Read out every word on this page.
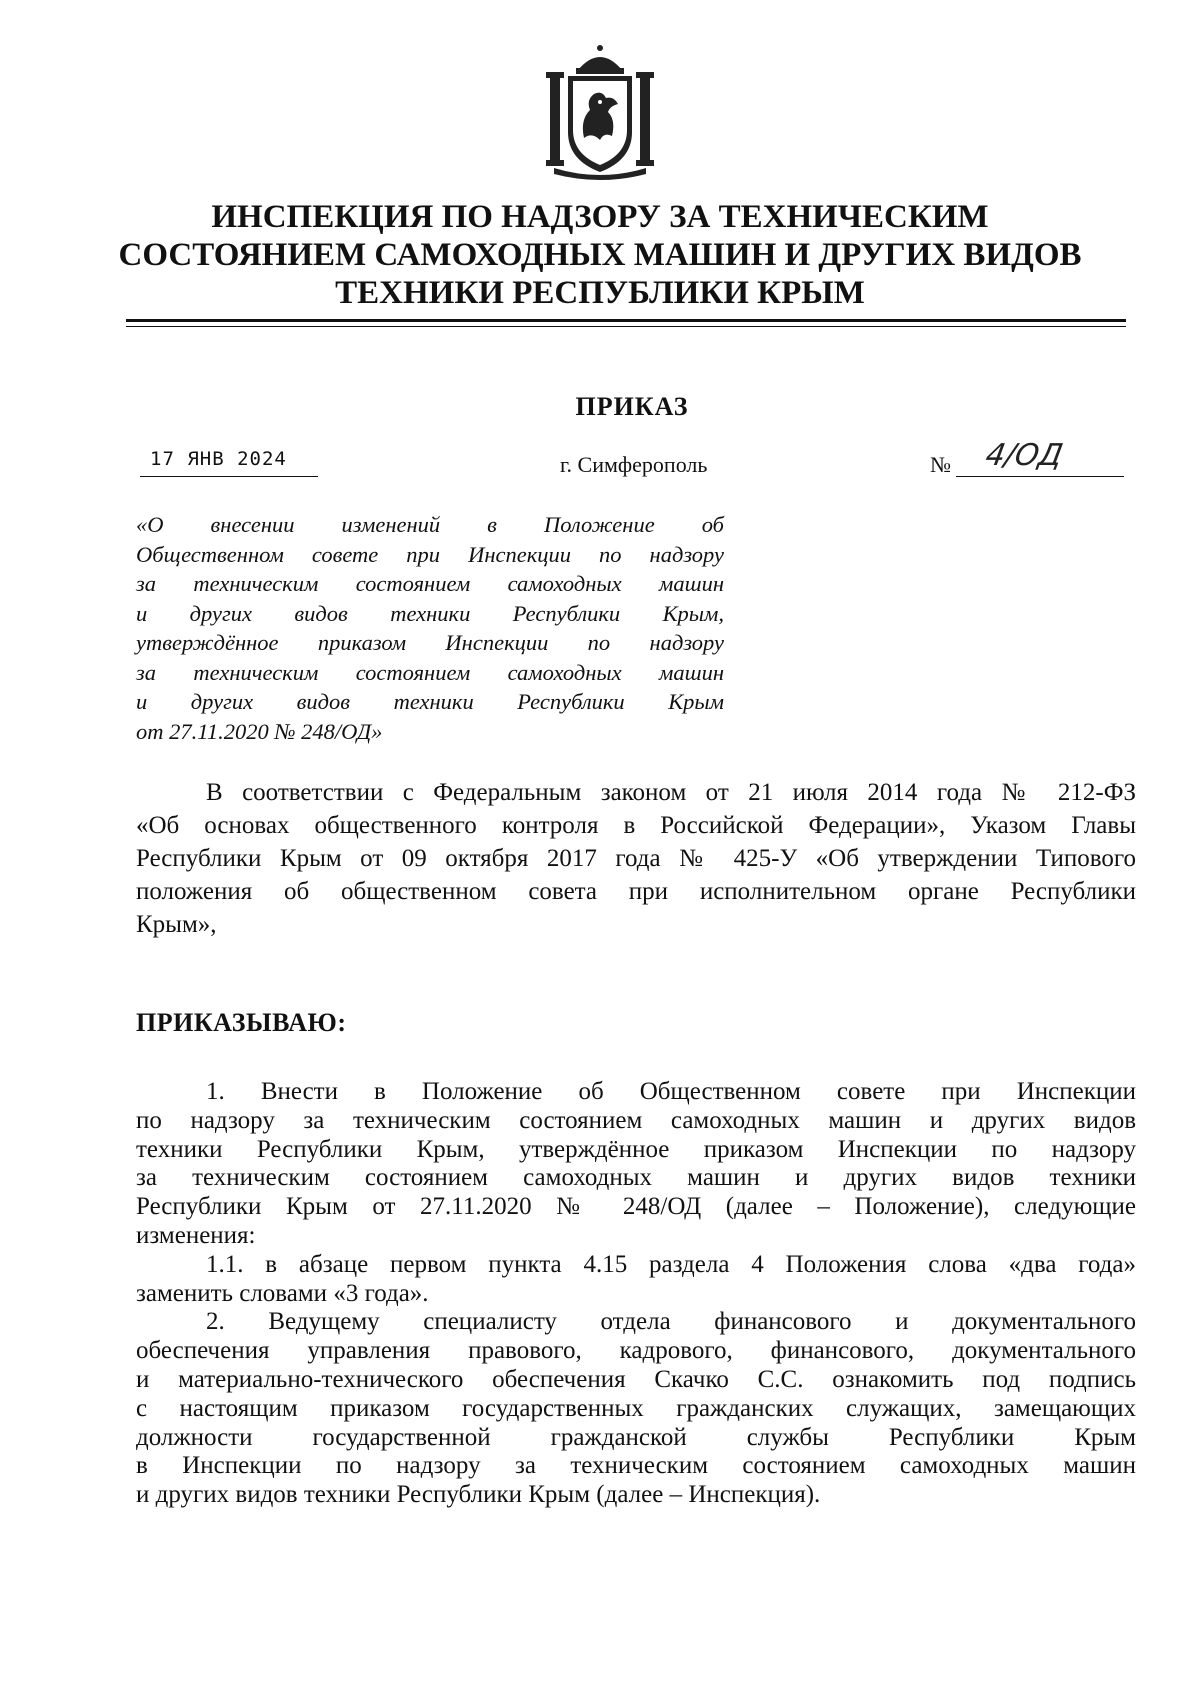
ИНСПЕКЦИЯ ПО НАДЗОРУ ЗА ТЕХНИЧЕСКИМ
СОСТОЯНИЕМ САМОХОДНЫХ МАШИН И ДРУГИХ ВИДОВ
ТЕХНИКИ РЕСПУБЛИКИ КРЫМ
ПРИКАЗ
17 ЯНВ 2024	г. Симферополь	№ 4/ОД
«О внесении изменений в Положение об
Общественном совете при Инспекции по надзору
за техническим состоянием самоходных машин
и других видов техники Республики Крым,
утверждённое приказом Инспекции по надзору
за техническим состоянием самоходных машин
и других видов техники Республики Крым
от 27.11.2020 № 248/ОД»
В соответствии с Федеральным законом от 21 июля 2014 года № 212-ФЗ
«Об основах общественного контроля в Российской Федерации», Указом Главы
Республики Крым от 09 октября 2017 года № 425-У «Об утверждении Типового
положения об общественном совета при исполнительном органе Республики
Крым»,
ПРИКАЗЫВАЮ:
1. Внести в Положение об Общественном совете при Инспекции
по надзору за техническим состоянием самоходных машин и других видов
техники Республики Крым, утверждённое приказом Инспекции по надзору
за техническим состоянием самоходных машин и других видов техники
Республики Крым от 27.11.2020 № 248/ОД (далее – Положение), следующие
изменения:
1.1. в абзаце первом пункта 4.15 раздела 4 Положения слова «два года»
заменить словами «3 года».
2. Ведущему специалисту отдела финансового и документального
обеспечения управления правового, кадрового, финансового, документального
и материально-технического обеспечения Скачко С.С. ознакомить под подпись
с настоящим приказом государственных гражданских служащих, замещающих
должности государственной гражданской службы Республики Крым
в Инспекции по надзору за техническим состоянием самоходных машин
и других видов техники Республики Крым (далее – Инспекция).
